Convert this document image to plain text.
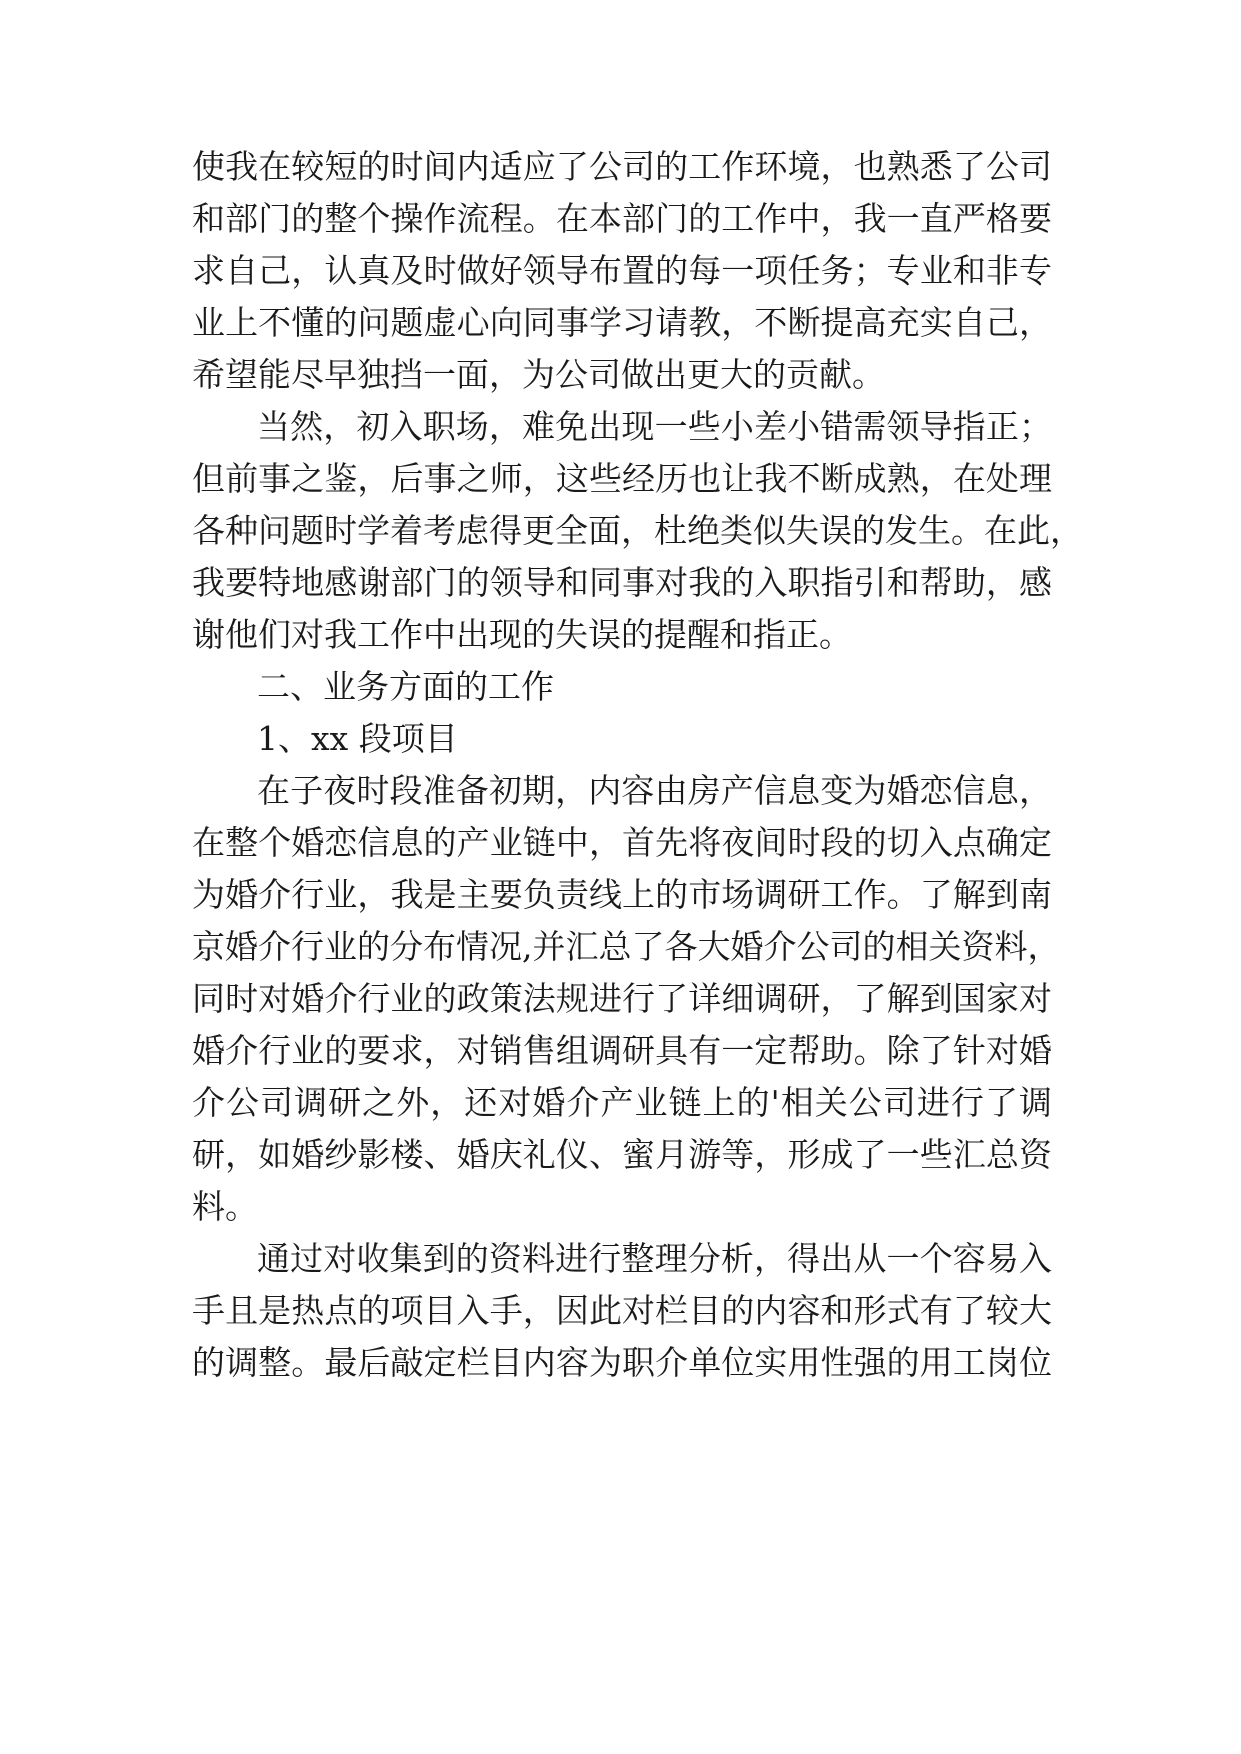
使我在较短的时间内适应了公司的工作环境，也熟悉了公司
和部门的整个操作流程。在本部门的工作中，我一直严格要
求自己，认真及时做好领导布置的每一项任务；专业和非专
业上不懂的问题虚心向同事学习请教，不断提高充实自己，
希望能尽早独挡一面，为公司做出更大的贡献。
当然，初入职场，难免出现一些小差小错需领导指正；
但前事之鉴，后事之师，这些经历也让我不断成熟，在处理
各种问题时学着考虑得更全面，杜绝类似失误的发生。在此，
我要特地感谢部门的领导和同事对我的入职指引和帮助，感
谢他们对我工作中出现的失误的提醒和指正。
二、业务方面的工作
1、xx 段项目
在子夜时段准备初期，内容由房产信息变为婚恋信息，
在整个婚恋信息的产业链中，首先将夜间时段的切入点确定
为婚介行业，我是主要负责线上的市场调研工作。了解到南
京婚介行业的分布情况,并汇总了各大婚介公司的相关资料，
同时对婚介行业的政策法规进行了详细调研，了解到国家对
婚介行业的要求，对销售组调研具有一定帮助。除了针对婚
介公司调研之外，还对婚介产业链上的'相关公司进行了调
研，如婚纱影楼、婚庆礼仪、蜜月游等，形成了一些汇总资
料。
通过对收集到的资料进行整理分析，得出从一个容易入
手且是热点的项目入手，因此对栏目的内容和形式有了较大
的调整。最后敲定栏目内容为职介单位实用性强的用工岗位
